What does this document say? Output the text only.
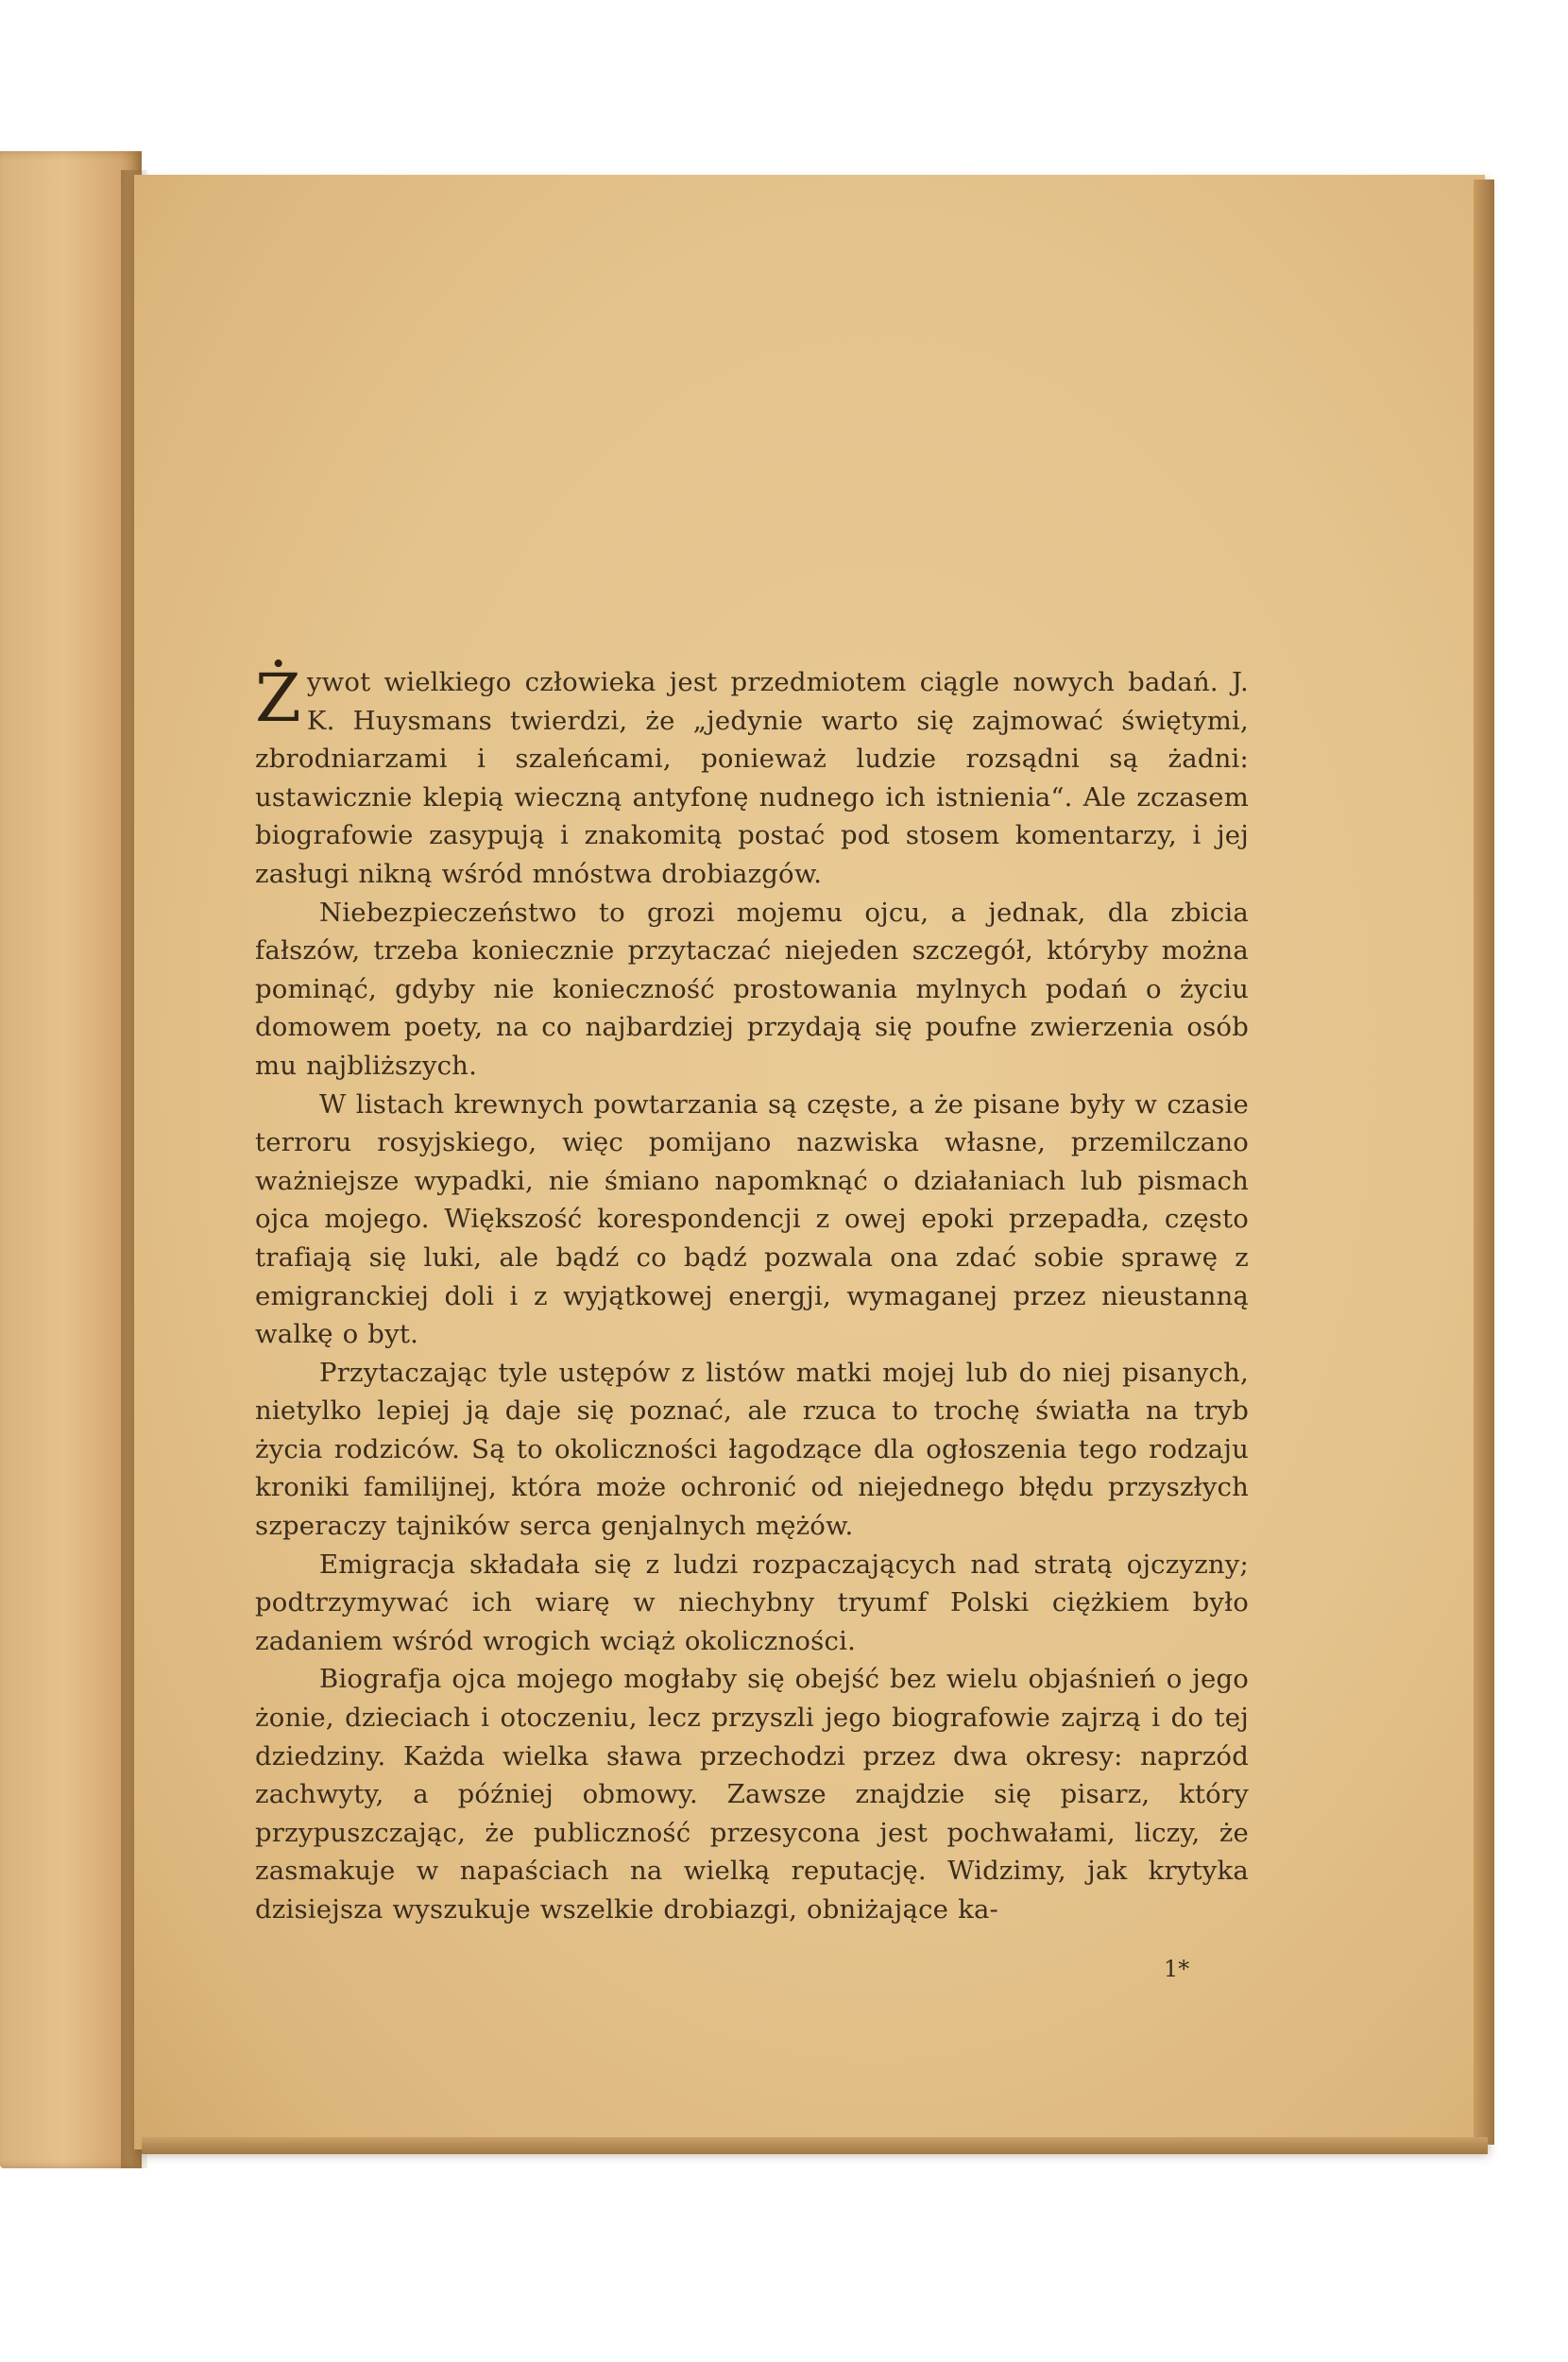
Żywot wielkiego człowieka jest przedmiotem ciągle nowych badań. J. K. Huysmans twierdzi, że „jedynie warto się zajmować świętymi, zbrodniarzami i szaleńcami, ponieważ ludzie rozsądni są żadni: ustawicznie klepią wieczną antyfonę nudnego ich istnienia“. Ale zczasem biografowie zasypują i znakomitą postać pod stosem komentarzy, i jej zasługi nikną wśród mnóstwa drobiazgów.

Niebezpieczeństwo to grozi mojemu ojcu, a jednak, dla zbicia fałszów, trzeba koniecznie przytaczać niejeden szczegół, któryby można pominąć, gdyby nie konieczność prostowania mylnych podań o życiu domowem poety, na co najbardziej przydają się poufne zwierzenia osób mu najbliższych.

W listach krewnych powtarzania są częste, a że pisane były w czasie terroru rosyjskiego, więc pomijano nazwiska własne, przemilczano ważniejsze wypadki, nie śmiano napomknąć o działaniach lub pismach ojca mojego. Większość korespondencji z owej epoki przepadła, często trafiają się luki, ale bądź co bądź pozwala ona zdać sobie sprawę z emigranckiej doli i z wyjątkowej energji, wymaganej przez nieustanną walkę o byt.

Przytaczając tyle ustępów z listów matki mojej lub do niej pisanych, nietylko lepiej ją daje się poznać, ale rzuca to trochę światła na tryb życia rodziców. Są to okoliczności łagodzące dla ogłoszenia tego rodzaju kroniki familijnej, która może ochronić od niejednego błędu przyszłych szperaczy tajników serca genjalnych mężów.

Emigracja składała się z ludzi rozpaczających nad stratą ojczyzny; podtrzymywać ich wiarę w niechybny tryumf Polski ciężkiem było zadaniem wśród wrogich wciąż okoliczności.

Biografja ojca mojego mogłaby się obejść bez wielu objaśnień o jego żonie, dzieciach i otoczeniu, lecz przyszli jego biografowie zajrzą i do tej dziedziny. Każda wielka sława przechodzi przez dwa okresy: naprzód zachwyty, a później obmowy. Zawsze znajdzie się pisarz, który przypuszczając, że publiczność przesycona jest pochwałami, liczy, że zasmakuje w napaściach na wielką reputację. Widzimy, jak krytyka dzisiejsza wyszukuje wszelkie drobiazgi, obniżające ka-

1*
